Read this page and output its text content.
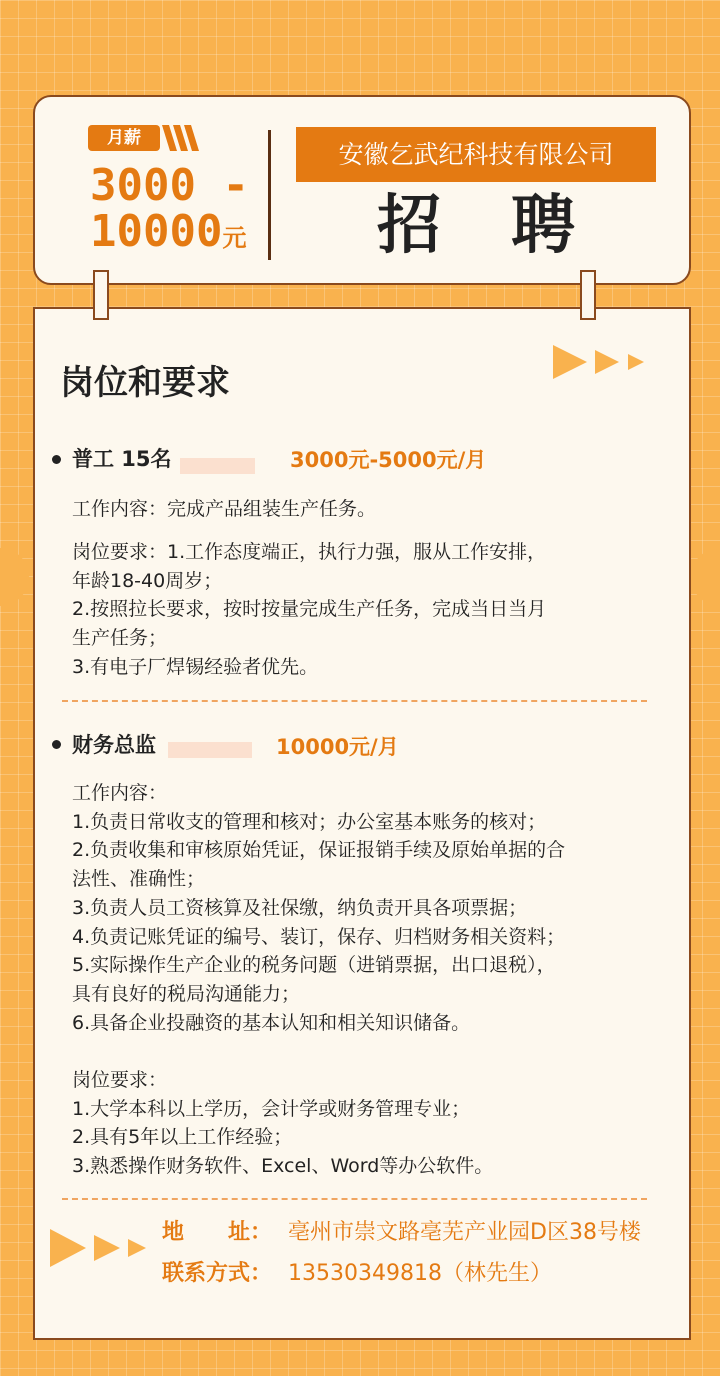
月薪
3000 -
10000元
安徽乞武纪科技有限公司
招聘
岗位和要求
普工 15名	3000元-5000元/月
工作内容：完成产品组装生产任务。
岗位要求：1.工作态度端正，执行力强，服从工作安排，
年龄18-40周岁；
2.按照拉长要求，按时按量完成生产任务，完成当日当月
生产任务；
3.有电子厂焊锡经验者优先。
财务总监	10000元/月
工作内容：
1.负责日常收支的管理和核对；办公室基本账务的核对；
2.负责收集和审核原始凭证，保证报销手续及原始单据的合
法性、准确性；
3.负责人员工资核算及社保缴，纳负责开具各项票据；
4.负责记账凭证的编号、装订，保存、归档财务相关资料；
5.实际操作生产企业的税务问题（进销票据，出口退税），
具有良好的税局沟通能力；
6.具备企业投融资的基本认知和相关知识储备。
岗位要求：
1.大学本科以上学历，会计学或财务管理专业；
2.具有5年以上工作经验；
3.熟悉操作财务软件、Excel、Word等办公软件。
地　　址： 亳州市崇文路亳芜产业园D区38号楼
联系方式： 13530349818（林先生）
